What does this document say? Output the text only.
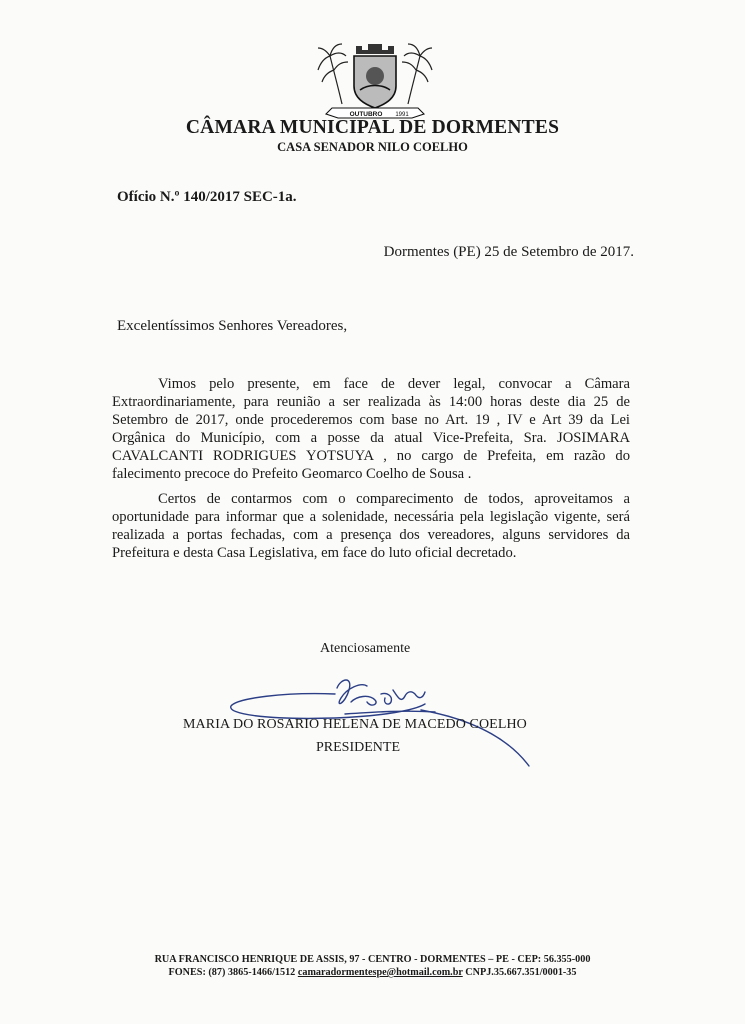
OUTUBRO 1991
CÂMARA MUNICIPAL DE DORMENTES
CASA SENADOR NILO COELHO
Ofício N.º 140/2017 SEC-1a.
Dormentes (PE) 25 de Setembro de 2017.
Excelentíssimos Senhores Vereadores,

Vimos pelo presente, em face de dever legal, convocar a Câmara Extraordinariamente, para reunião a ser realizada às 14:00 horas deste dia 25 de Setembro de 2017, onde procederemos com base no Art. 19 , IV e Art 39 da Lei Orgânica do Município, com a posse da atual Vice-Prefeita, Sra. JOSIMARA CAVALCANTI RODRIGUES YOTSUYA , no cargo de Prefeita, em razão do falecimento precoce do Prefeito Geomarco Coelho de Sousa .

Certos de contarmos com o comparecimento de todos, aproveitamos a oportunidade para informar que a solenidade, necessária pela legislação vigente, será realizada a portas fechadas, com a presença dos vereadores, alguns servidores da Prefeitura e desta Casa Legislativa, em face do luto oficial decretado.

Atenciosamente
MARIA DO ROSARIO HELENA DE MACEDO COELHO
PRESIDENTE
RUA FRANCISCO HENRIQUE DE ASSIS, 97 - CENTRO - DORMENTES – PE - CEP: 56.355-000
FONES: (87) 3865-1466/1512 camaradormentespe@hotmail.com.br CNPJ.35.667.351/0001-35
